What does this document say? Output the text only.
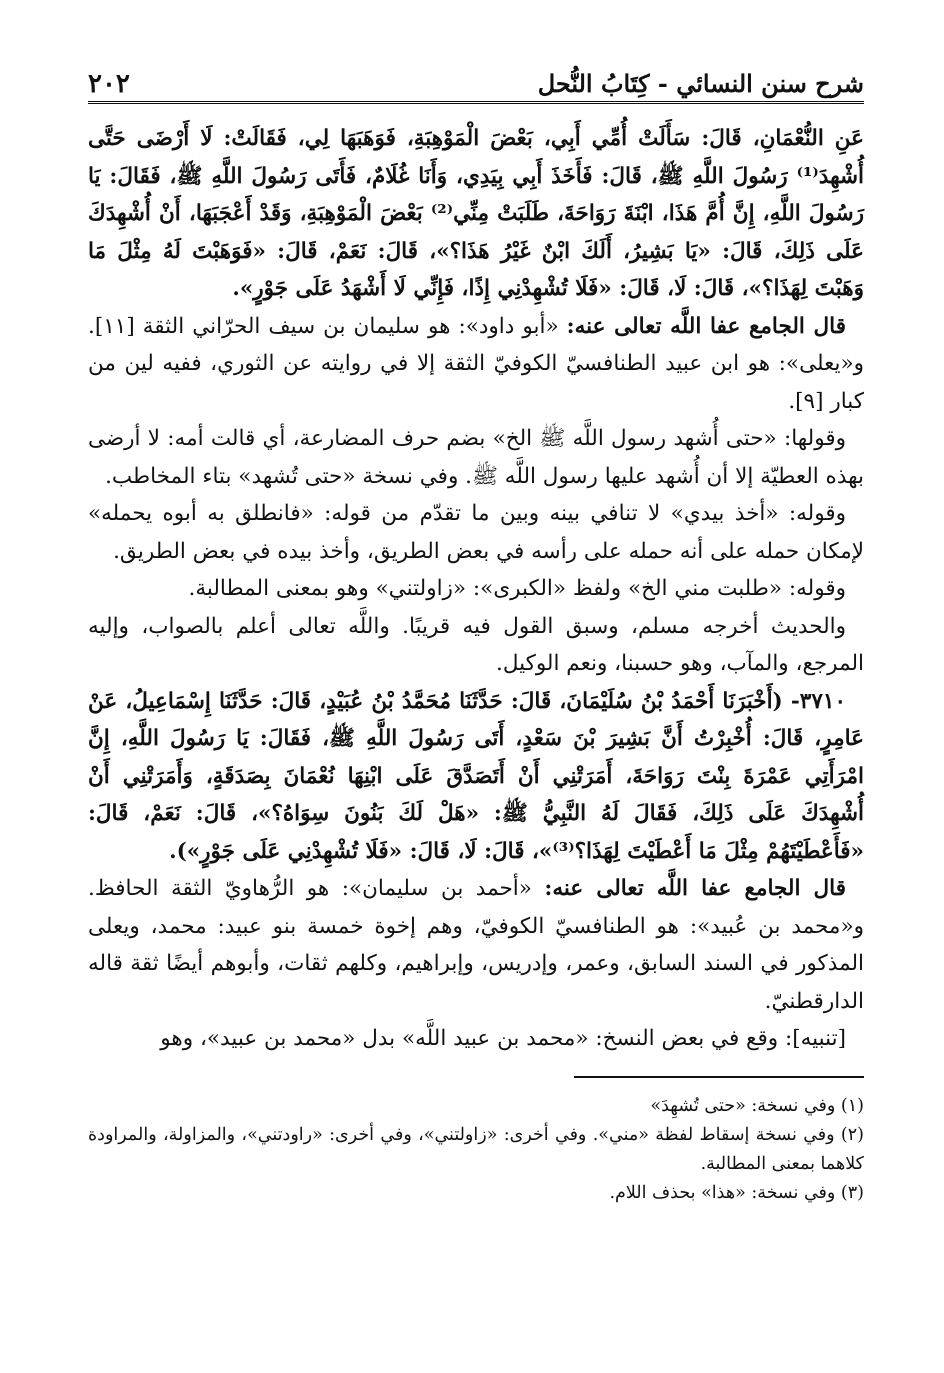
شرح سنن النسائي - كِتَابُ النُّحل
٢٠٢

عَنِ النُّعْمَانِ، قَالَ: سَأَلَتْ أُمِّي أَبِي، بَعْضَ الْمَوْهِبَةِ، فَوَهَبَهَا لِي، فَقَالَتْ: لَا أَرْضَى حَتَّى أُشْهِدَ⁽¹⁾ رَسُولَ اللَّهِ ﷺ، قَالَ: فَأَخَذَ أَبِي بِيَدِي، وَأَنَا غُلَامٌ، فَأَتَى رَسُولَ اللَّهِ ﷺ، فَقَالَ: يَا رَسُولَ اللَّهِ، إِنَّ أُمَّ هَذَا، ابْنَةَ رَوَاحَةَ، طَلَبَتْ مِنِّي⁽²⁾ بَعْضَ الْمَوْهِبَةِ، وَقَدْ أَعْجَبَهَا، أَنْ أُشْهِدَكَ عَلَى ذَلِكَ، قَالَ: «يَا بَشِيرُ، أَلَكَ ابْنٌ غَيْرُ هَذَا؟»، قَالَ: نَعَمْ، قَالَ: «فَوَهَبْتَ لَهُ مِثْلَ مَا وَهَبْتَ لِهَذَا؟»، قَالَ: لَا، قَالَ: «فَلَا تُشْهِدْنِي إِذًا، فَإِنِّي لَا أَشْهَدُ عَلَى جَوْرٍ».

قال الجامع عفا اللَّه تعالى عنه: «أبو داود»: هو سليمان بن سيف الحرّاني الثقة [١١]. و«يعلى»: هو ابن عبيد الطنافسيّ الكوفيّ الثقة إلا في روايته عن الثوري، ففيه لين من كبار [٩].

وقولها: «حتى أُشهد رسول اللَّه ﷺ الخ» بضم حرف المضارعة، أي قالت أمه: لا أرضى بهذه العطيّة إلا أن أُشهد عليها رسول اللَّه ﷺ. وفي نسخة «حتى تُشهد» بتاء المخاطب.

وقوله: «أخذ بيدي» لا تنافي بينه وبين ما تقدّم من قوله: «فانطلق به أبوه يحمله» لإمكان حمله على أنه حمله على رأسه في بعض الطريق، وأخذ بيده في بعض الطريق.

وقوله: «طلبت مني الخ» ولفظ «الكبرى»: «زاولتني» وهو بمعنى المطالبة.

والحديث أخرجه مسلم، وسبق القول فيه قريبًا. واللَّه تعالى أعلم بالصواب، وإليه المرجع، والمآب، وهو حسبنا، ونعم الوكيل.

٣٧١٠- (أَخْبَرَنَا أَحْمَدُ بْنُ سُلَيْمَانَ، قَالَ: حَدَّثَنَا مُحَمَّدُ بْنُ عُبَيْدٍ، قَالَ: حَدَّثَنَا إِسْمَاعِيلُ، عَنْ عَامِرٍ، قَالَ: أُخْبِرْتُ أَنَّ بَشِيرَ بْنَ سَعْدٍ، أَتَى رَسُولَ اللَّهِ ﷺ، فَقَالَ: يَا رَسُولَ اللَّهِ، إِنَّ امْرَأَتِي عَمْرَةَ بِنْتَ رَوَاحَةَ، أَمَرَتْنِي أَنْ أَتَصَدَّقَ عَلَى ابْنِهَا نُعْمَانَ بِصَدَقَةٍ، وَأَمَرَتْنِي أَنْ أُشْهِدَكَ عَلَى ذَلِكَ، فَقَالَ لَهُ النَّبِيُّ ﷺ: «هَلْ لَكَ بَنُونَ سِوَاهُ؟»، قَالَ: نَعَمْ، قَالَ: «فَأَعْطَيْتَهُمْ مِثْلَ مَا أَعْطَيْتَ لِهَذَا؟⁽³⁾»، قَالَ: لَا، قَالَ: «فَلَا تُشْهِدْنِي عَلَى جَوْرٍ»).

قال الجامع عفا اللَّه تعالى عنه: «أحمد بن سليمان»: هو الرُّهاويّ الثقة الحافظ. و«محمد بن عُبيد»: هو الطنافسيّ الكوفيّ، وهم إخوة خمسة بنو عبيد: محمد، ويعلى المذكور في السند السابق، وعمر، وإدريس، وإبراهيم، وكلهم ثقات، وأبوهم أيضًا ثقة قاله الدارقطنيّ.

[تنبيه]: وقع في بعض النسخ: «محمد بن عبيد اللَّه» بدل «محمد بن عبيد»، وهو

(١) وفي نسخة: «حتى تُشهِدَ»

(٢) وفي نسخة إسقاط لفظة «مني». وفي أخرى: «زاولتني»، وفي أخرى: «راودتني»، والمزاولة، والمراودة كلاهما بمعنى المطالبة.

(٣) وفي نسخة: «هذا» بحذف اللام.
